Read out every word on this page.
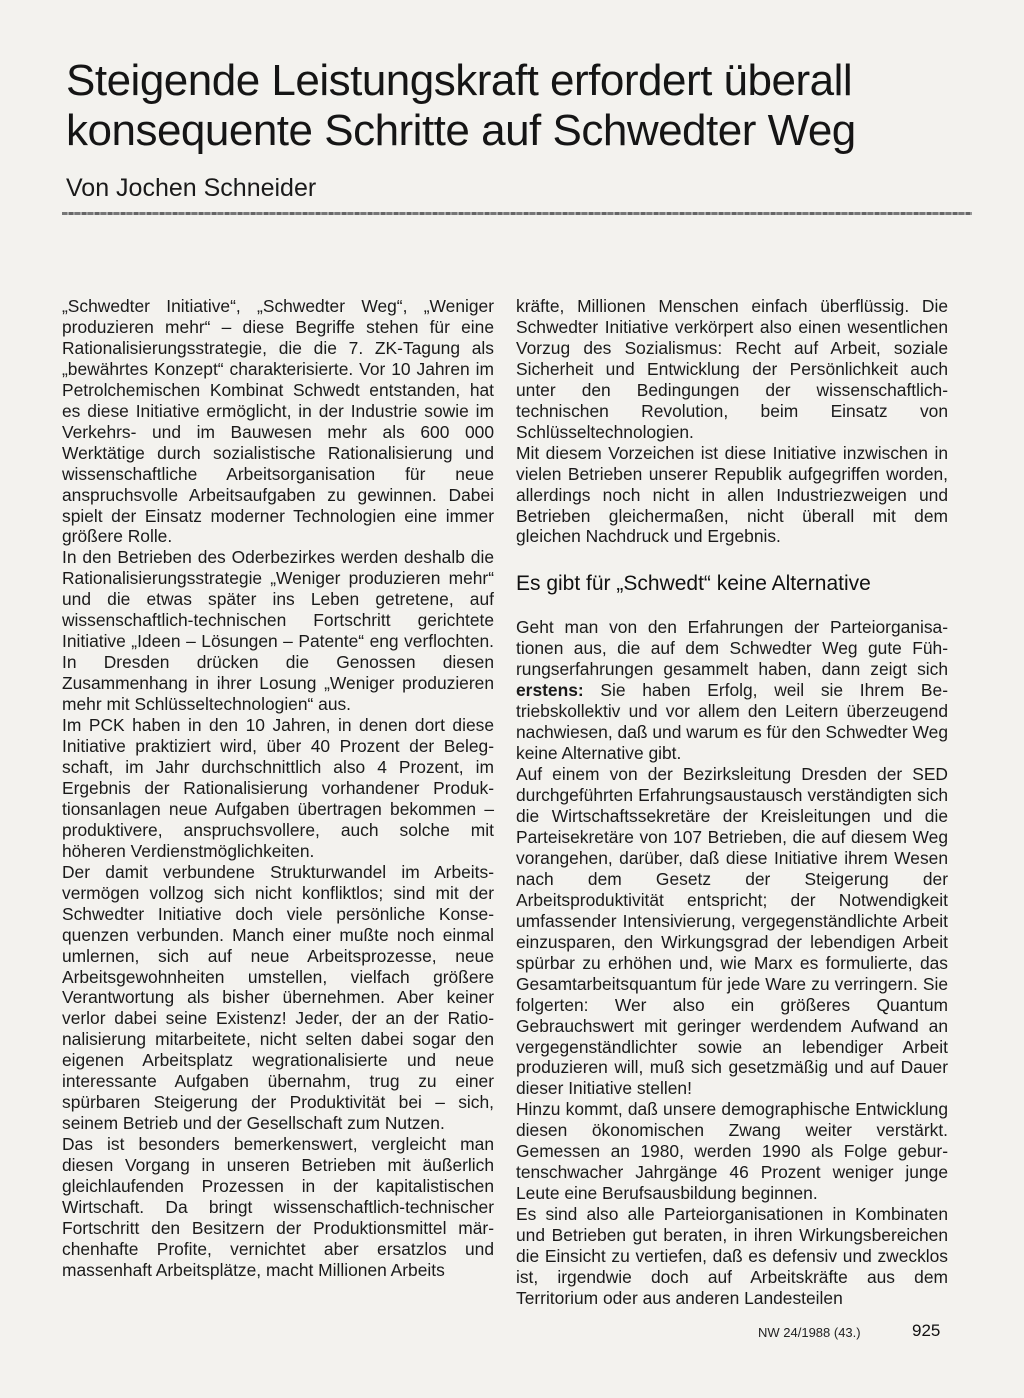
Steigende Leistungskraft erfordert überall
konsequente Schritte auf Schwedter Weg
Von Jochen Schneider

„Schwedter Initiative“, „Schwedter Weg“, „Weniger produzieren mehr“ – diese Begriffe stehen für eine Rationalisierungsstrategie, die die 7. ZK-Tagung als „bewährtes Konzept“ charakterisierte. Vor 10 Jahren im Petrolchemischen Kombinat Schwedt entstanden, hat es diese Initiative ermöglicht, in der Industrie sowie im Verkehrs- und im Bauwesen mehr als 600 000 Werktätige durch sozialistische Rationalisierung und wissenschaftliche Arbeitsorganisation für neue anspruchsvolle Arbeitsaufgaben zu gewinnen. Dabei spielt der Einsatz moderner Technologien eine immer größere Rolle.

In den Betrieben des Oderbezirkes werden deshalb die Rationalisierungsstrategie „Weniger produzieren mehr“ und die etwas später ins Leben getretene, auf wissenschaftlich-technischen Fortschritt gerichtete Initiative „Ideen – Lösungen – Patente“ eng verflochten. In Dresden drücken die Genossen diesen Zusammenhang in ihrer Losung „Weniger produzieren mehr mit Schlüsseltechnologien“ aus.

Im PCK haben in den 10 Jahren, in denen dort diese Initiative praktiziert wird, über 40 Prozent der Belegschaft, im Jahr durchschnittlich also 4 Prozent, im Ergebnis der Rationalisierung vorhandener Produktionsanlagen neue Aufgaben übertragen bekommen – produktivere, anspruchsvollere, auch solche mit höheren Verdienstmöglichkeiten.

Der damit verbundene Strukturwandel im Arbeitsvermögen vollzog sich nicht konfliktlos; sind mit der Schwedter Initiative doch viele persönliche Konsequenzen verbunden. Manch einer mußte noch einmal umlernen, sich auf neue Arbeitsprozesse, neue Arbeitsgewohnheiten umstellen, vielfach größere Verantwortung als bisher übernehmen. Aber keiner verlor dabei seine Existenz! Jeder, der an der Rationalisierung mitarbeitete, nicht selten dabei sogar den eigenen Arbeitsplatz wegrationalisierte und neue interessante Aufgaben übernahm, trug zu einer spürbaren Steigerung der Produktivität bei – sich, seinem Betrieb und der Gesellschaft zum Nutzen.

Das ist besonders bemerkenswert, vergleicht man diesen Vorgang in unseren Betrieben mit äußerlich gleichlaufenden Prozessen in der kapitalistischen Wirtschaft. Da bringt wissenschaftlich-technischer Fortschritt den Besitzern der Produktionsmittel märchenhafte Profite, vernichtet aber ersatzlos und massenhaft Arbeitsplätze, macht Millionen Arbeits

kräfte, Millionen Menschen einfach überflüssig. Die Schwedter Initiative verkörpert also einen wesentlichen Vorzug des Sozialismus: Recht auf Arbeit, soziale Sicherheit und Entwicklung der Persönlichkeit auch unter den Bedingungen der wissenschaftlich-technischen Revolution, beim Einsatz von Schlüsseltechnologien.

Mit diesem Vorzeichen ist diese Initiative inzwischen in vielen Betrieben unserer Republik aufgegriffen worden, allerdings noch nicht in allen Industriezweigen und Betrieben gleichermaßen, nicht überall mit dem gleichen Nachdruck und Ergebnis.

Es gibt für „Schwedt“ keine Alternative

Geht man von den Erfahrungen der Parteiorganisationen aus, die auf dem Schwedter Weg gute Führungserfahrungen gesammelt haben, dann zeigt sich erstens: Sie haben Erfolg, weil sie Ihrem Betriebskollektiv und vor allem den Leitern überzeugend nachwiesen, daß und warum es für den Schwedter Weg keine Alternative gibt.

Auf einem von der Bezirksleitung Dresden der SED durchgeführten Erfahrungsaustausch verständigten sich die Wirtschaftssekretäre der Kreisleitungen und die Parteisekretäre von 107 Betrieben, die auf diesem Weg vorangehen, darüber, daß diese Initiative ihrem Wesen nach dem Gesetz der Steigerung der Arbeitsproduktivität entspricht; der Notwendigkeit umfassender Intensivierung, vergegenständlichte Arbeit einzusparen, den Wirkungsgrad der lebendigen Arbeit spürbar zu erhöhen und, wie Marx es formulierte, das Gesamtarbeitsquantum für jede Ware zu verringern. Sie folgerten: Wer also ein größeres Quantum Gebrauchswert mit geringer werdendem Aufwand an vergegenständlichter sowie an lebendiger Arbeit produzieren will, muß sich gesetzmäßig und auf Dauer dieser Initiative stellen!

Hinzu kommt, daß unsere demographische Entwicklung diesen ökonomischen Zwang weiter verstärkt. Gemessen an 1980, werden 1990 als Folge geburtenschwacher Jahrgänge 46 Prozent weniger junge Leute eine Berufsausbildung beginnen.

Es sind also alle Parteiorganisationen in Kombinaten und Betrieben gut beraten, in ihren Wirkungsbereichen die Einsicht zu vertiefen, daß es defensiv und zwecklos ist, irgendwie doch auf Arbeitskräfte aus dem Territorium oder aus anderen Landesteilen

NW 24/1988 (43.)	925
